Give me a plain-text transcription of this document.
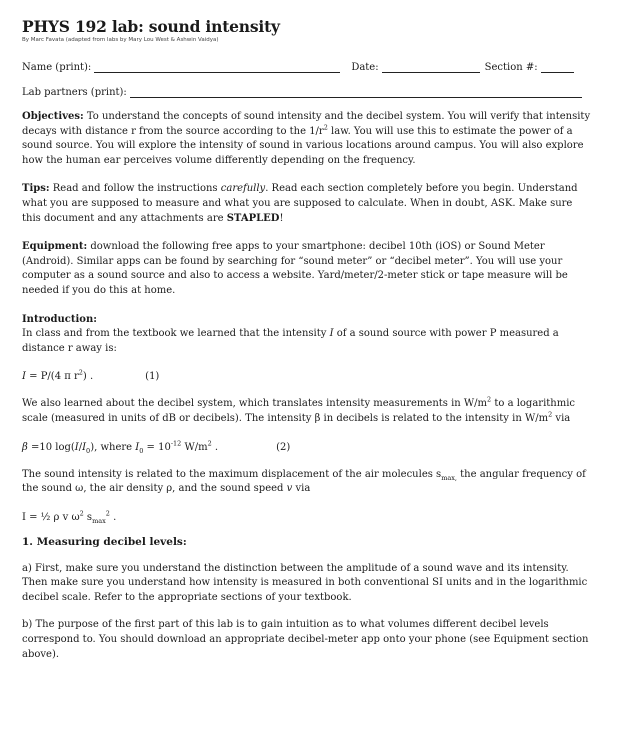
PHYS 192 lab: sound intensity
By Marc Favata (adapted from labs by Mary Lou West & Ashwin Vaidya)
Name (print):	Date:	Section #:
Lab partners (print):

Objectives: To understand the concepts of sound intensity and the decibel system. You will verify that intensity decays with distance r from the source according to the $1/r^2$ law. You will use this to estimate the power of a sound source. You will explore the intensity of sound in various locations around campus. You will also explore how the human ear perceives volume differently depending on the frequency.

Tips: Read and follow the instructions carefully. Read each section completely before you begin. Understand what you are supposed to measure and what you are supposed to calculate. When in doubt, ASK. Make sure this document and any attachments are STAPLED!

Equipment: download the following free apps to your smartphone: decibel 10th (iOS) or Sound Meter (Android). Similar apps can be found by searching for “sound meter” or “decibel meter”. You will use your computer as a sound source and also to access a website. Yard/meter/2-meter stick or tape measure will be needed if you do this at home.

Introduction:

In class and from the textbook we learned that the intensity I of a sound source with power P measured a distance r away is:

I = P/(4 π $r^2$) .	(1)

We also learned about the decibel system, which translates intensity measurements in $W/m^2$ to a logarithmic scale (measured in units of dB or decibels). The intensity β in decibels is related to the intensity in $W/m^2$ via

β =10 $\log(I/I_0)$, where $I_0 = 10^{-12}$ $W/m^2$ .	(2)

The sound intensity is related to the maximum displacement of the air molecules $s_{max,}$ the angular frequency of the sound ω, the air density ρ, and the sound speed v via

I = ½ ρ v $\omega^2$ $s_{max}^2$ .

1. Measuring decibel levels:

a) First, make sure you understand the distinction between the amplitude of a sound wave and its intensity. Then make sure you understand how intensity is measured in both conventional SI units and in the logarithmic decibel scale. Refer to the appropriate sections of your textbook.

b) The purpose of the first part of this lab is to gain intuition as to what volumes different decibel levels correspond to. You should download an appropriate decibel-meter app onto your phone (see Equipment section above).
